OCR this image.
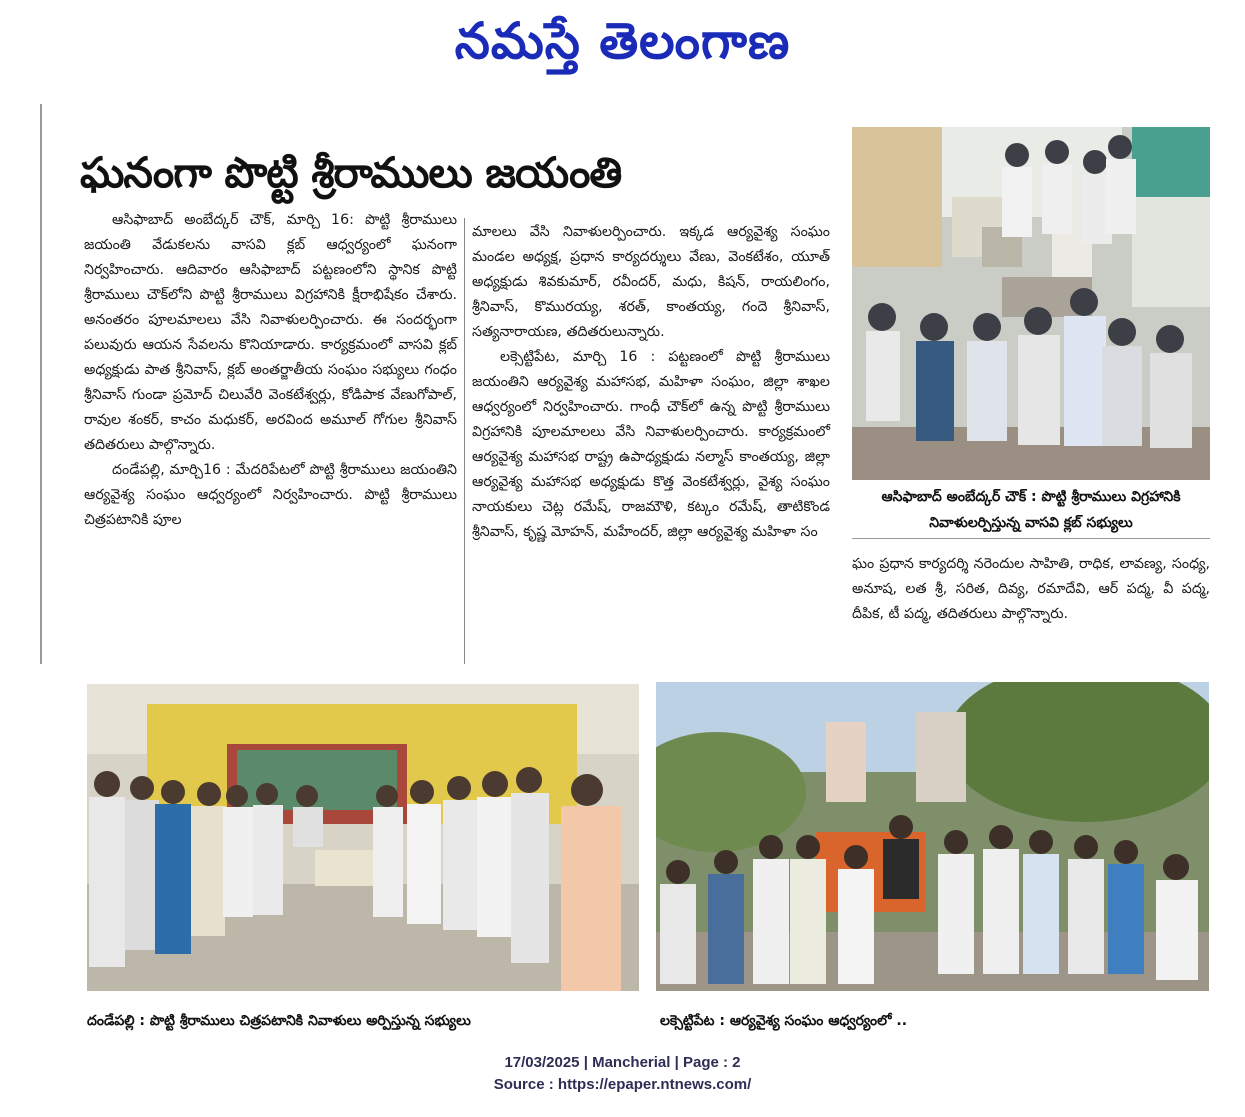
నమస్తే తెలంగాణ
ఘనంగా పొట్టి శ్రీరాములు జయంతి

ఆసిఫాబాద్ అంబేద్కర్ చౌక్, మార్చి 16: పొట్టి శ్రీరాములు జయంతి వేడుకలను వాసవి క్లబ్ ఆధ్వర్యంలో ఘనంగా నిర్వహించారు. ఆదివారం ఆసిఫాబాద్ పట్టణంలోని స్థానిక పొట్టి శ్రీరాములు చౌక్‌లోని పొట్టి శ్రీరాములు విగ్రహానికి క్షీరాభిషేకం చేశారు. అనంతరం పూలమాలలు వేసి నివాళులర్పించారు. ఈ సందర్భంగా పలువురు ఆయన సేవలను కొనియాడారు. కార్యక్రమంలో వాసవి క్లబ్ అధ్యక్షుడు పాత శ్రీనివాస్, క్లబ్ అంతర్జాతీయ సంఘం సభ్యులు గంధం శ్రీనివాస్ గుండా ప్రమోద్ చిలువేరి వెంకటేశ్వర్లు, కోడిపాక వేణుగోపాల్, రావుల శంకర్, కాచం మధుకర్, అరవింద అమూల్ గోగుల శ్రీనివాస్ తదితరులు పాల్గొన్నారు.

దండేపల్లి, మార్చి16 : మేదరిపేటలో పొట్టి శ్రీరాములు జయంతిని ఆర్యవైశ్య సంఘం ఆధ్వర్యంలో నిర్వహించారు. పొట్టి శ్రీరాములు చిత్రపటానికి పూల

మాలలు వేసి నివాళులర్పించారు. ఇక్కడ ఆర్యవైశ్య సంఘం మండల అధ్యక్ష, ప్రధాన కార్యదర్శులు వేణు, వెంకటేశం, యూత్ అధ్యక్షుడు శివకుమార్, రవీందర్, మధు, కిషన్, రాయలింగం, శ్రీనివాస్, కొమురయ్య, శరత్, కాంతయ్య, గందె శ్రీనివాస్, సత్యనారాయణ, తదితరులున్నారు.

లక్సెట్టిపేట, మార్చి 16 : పట్టణంలో పొట్టి శ్రీరాములు జయంతిని ఆర్యవైశ్య మహాసభ, మహిళా సంఘం, జిల్లా శాఖల ఆధ్వర్యంలో నిర్వహించారు. గాంధీ చౌక్‌లో ఉన్న పొట్టి శ్రీరాములు విగ్రహానికి పూలమాలలు వేసి నివాళులర్పించారు. కార్యక్రమంలో ఆర్యవైశ్య మహాసభ రాష్ట్ర ఉపాధ్యక్షుడు నల్మాస్ కాంతయ్య, జిల్లా ఆర్యవైశ్య మహాసభ అధ్యక్షుడు కొత్త వెంకటేశ్వర్లు, వైశ్య సంఘం నాయకులు చెట్ల రమేష్, రాజమౌళి, కట్కం రమేష్, తాటికొండ శ్రీనివాస్, కృష్ణ మోహన్, మహేందర్, జిల్లా ఆర్యవైశ్య మహిళా సం

ఘం ప్రధాన కార్యదర్శి నరెందుల సాహితి, రాధిక, లావణ్య, సంధ్య, అనూష, లత శ్రీ, సరిత, దివ్య, రమాదేవి, ఆర్ పద్మ, వీ పద్మ, దీపిక, టీ పద్మ, తదితరులు పాల్గొన్నారు.

ఆసిఫాబాద్ అంబేద్కర్ చౌక్ : పొట్టి శ్రీరాములు విగ్రహానికి నివాళులర్పిస్తున్న వాసవి క్లబ్ సభ్యులు
దండేపల్లి : పొట్టి శ్రీరాములు చిత్రపటానికి నివాళులు అర్పిస్తున్న సభ్యులు	లక్సెట్టిపేట : ఆర్యవైశ్య సంఘం ఆధ్వర్యంలో ..
17/03/2025 | Mancherial | Page : 2
Source : https://epaper.ntnews.com/
